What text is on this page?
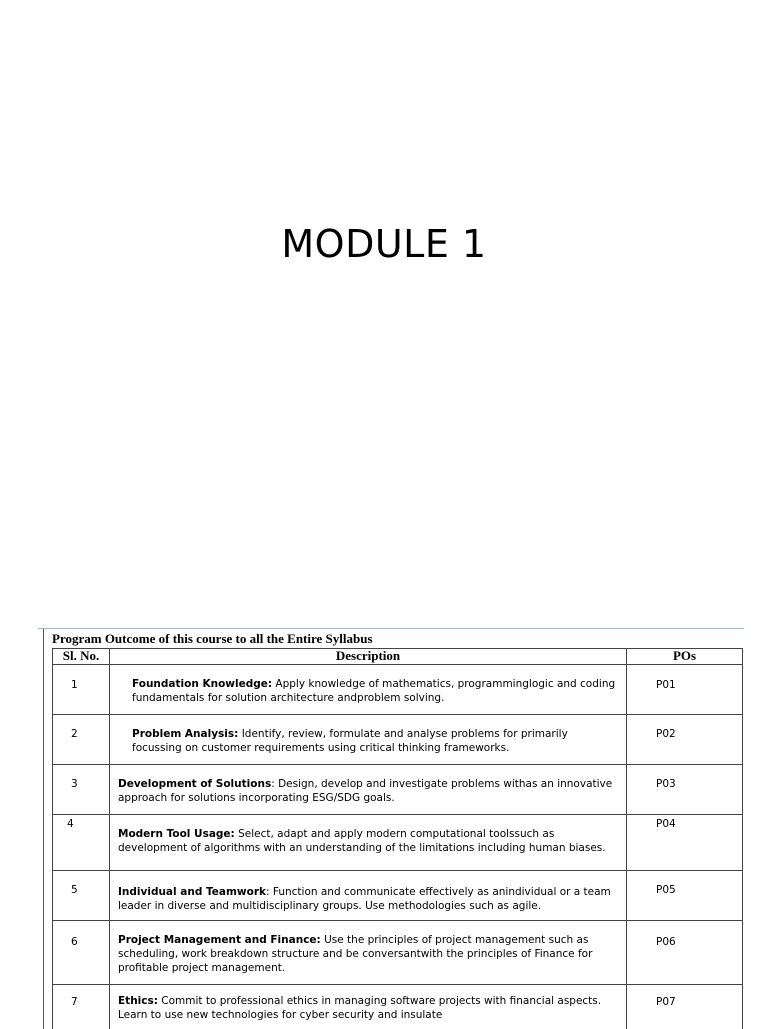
MODULE 1
Program Outcome of this course to all the Entire Syllabus
Sl. No.	Description	POs

1	Foundation Knowledge: Apply knowledge of mathematics, programminglogic and coding fundamentals for solution architecture andproblem solving.	P01

2	Problem Analysis: Identify, review, formulate and analyse problems for primarily focussing on customer requirements using critical thinking frameworks.	P02

3	Development of Solutions: Design, develop and investigate problems withas an innovative approach for solutions incorporating ESG/SDG goals.	P03

4	Modern Tool Usage: Select, adapt and apply modern computational toolssuch as development of algorithms with an understanding of the limitations including human biases.	P04

5	Individual and Teamwork: Function and communicate effectively as anindividual or a team leader in diverse and multidisciplinary groups. Use methodologies such as agile.	P05

6	Project Management and Finance: Use the principles of project management such as scheduling, work breakdown structure and be conversantwith the principles of Finance for profitable project management.	P06

7	Ethics: Commit to professional ethics in managing software projects with financial aspects. Learn to use new technologies for cyber security and insulate	P07
